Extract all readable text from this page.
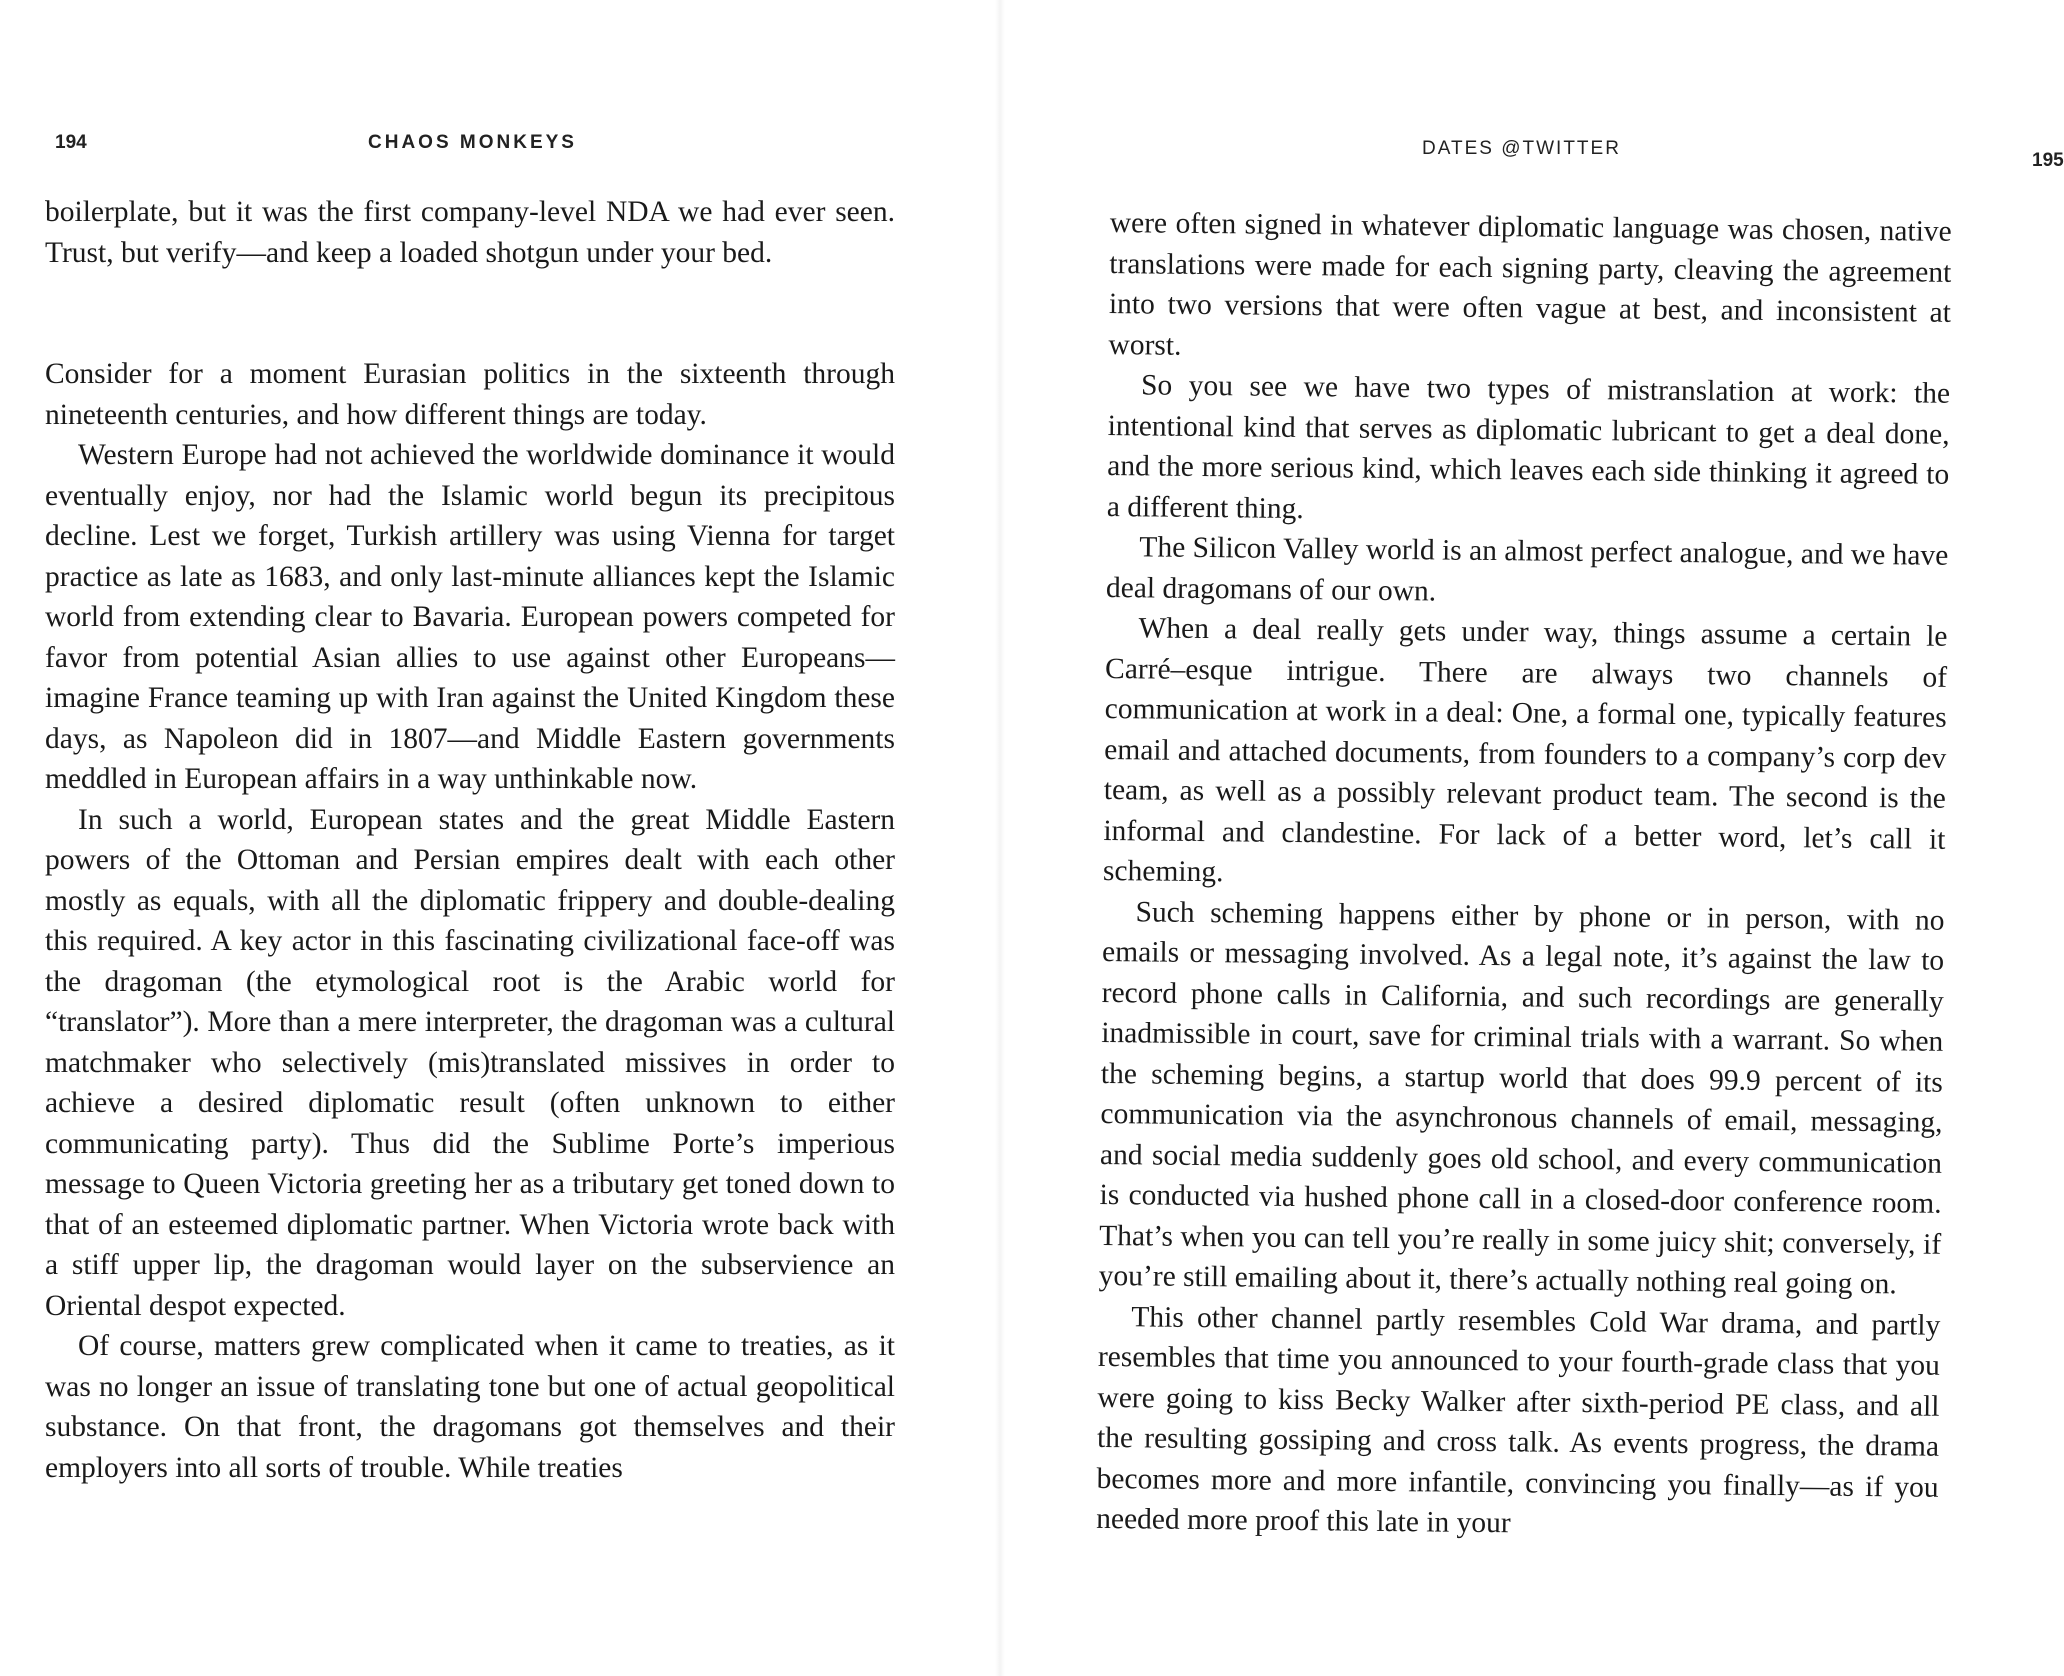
194	CHAOS MONKEYS

boilerplate, but it was the first company-level NDA we had ever seen. Trust, but verify—and keep a loaded shotgun under your bed.

Consider for a moment Eurasian politics in the sixteenth through nineteenth centuries, and how different things are today.

Western Europe had not achieved the worldwide dominance it would eventually enjoy, nor had the Islamic world begun its precipitous decline. Lest we forget, Turkish artillery was using Vienna for target practice as late as 1683, and only last-minute alliances kept the Islamic world from extending clear to Bavaria. European powers competed for favor from potential Asian allies to use against other Europeans—imagine France teaming up with Iran against the United Kingdom these days, as Napoleon did in 1807—and Middle Eastern governments meddled in European affairs in a way unthinkable now.

In such a world, European states and the great Middle Eastern powers of the Ottoman and Persian empires dealt with each other mostly as equals, with all the diplomatic frippery and double-dealing this required. A key actor in this fascinating civilizational face-off was the dragoman (the etymological root is the Arabic world for “translator”). More than a mere interpreter, the dragoman was a cultural matchmaker who selectively (mis)translated missives in order to achieve a desired diplomatic result (often unknown to either communicating party). Thus did the Sublime Porte’s imperious message to Queen Victoria greeting her as a tributary get toned down to that of an esteemed diplomatic partner. When Victoria wrote back with a stiff upper lip, the dragoman would layer on the subservience an Oriental despot expected.

Of course, matters grew complicated when it came to treaties, as it was no longer an issue of translating tone but one of actual geopolitical substance. On that front, the dragomans got themselves and their employers into all sorts of trouble. While treaties

DATES @TWITTER
195

were often signed in whatever diplomatic language was chosen, native translations were made for each signing party, cleaving the agreement into two versions that were often vague at best, and inconsistent at worst.

So you see we have two types of mistranslation at work: the intentional kind that serves as diplomatic lubricant to get a deal done, and the more serious kind, which leaves each side thinking it agreed to a different thing.

The Silicon Valley world is an almost perfect analogue, and we have deal dragomans of our own.

When a deal really gets under way, things assume a certain le Carré–esque intrigue. There are always two channels of communication at work in a deal: One, a formal one, typically features email and attached documents, from founders to a company’s corp dev team, as well as a possibly relevant product team. The second is the informal and clandestine. For lack of a better word, let’s call it scheming.

Such scheming happens either by phone or in person, with no emails or messaging involved. As a legal note, it’s against the law to record phone calls in California, and such recordings are generally inadmissible in court, save for criminal trials with a warrant. So when the scheming begins, a startup world that does 99.9 percent of its communication via the asynchronous channels of email, messaging, and social media suddenly goes old school, and every communication is conducted via hushed phone call in a closed-door conference room. That’s when you can tell you’re really in some juicy shit; conversely, if you’re still emailing about it, there’s actually nothing real going on.

This other channel partly resembles Cold War drama, and partly resembles that time you announced to your fourth-grade class that you were going to kiss Becky Walker after sixth-period PE class, and all the resulting gossiping and cross talk. As events progress, the drama becomes more and more infantile, convincing you finally—as if you needed more proof this late in your
